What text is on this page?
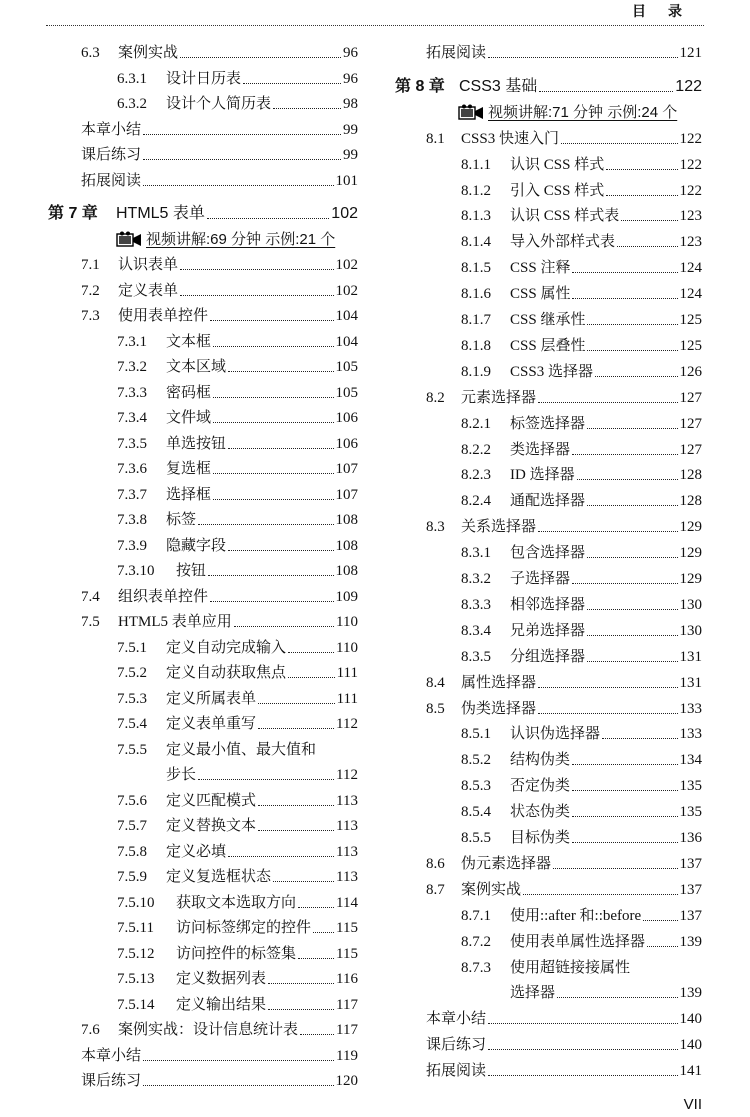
目录
6.3	案例实战	96
6.3.1	设计日历表	96
6.3.2	设计个人简历表	98
本章小结	99
课后练习	99
拓展阅读	101
第 7 章	HTML5 表单	102
视频讲解:69 分钟 示例:21 个
7.1	认识表单	102
7.2	定义表单	102
7.3	使用表单控件	104
7.3.1	文本框	104
7.3.2	文本区域	105
7.3.3	密码框	105
7.3.4	文件域	106
7.3.5	单选按钮	106
7.3.6	复选框	107
7.3.7	选择框	107
7.3.8	标签	108
7.3.9	隐藏字段	108
7.3.10	按钮	108
7.4	组织表单控件	109
7.5	HTML5 表单应用	110
7.5.1	定义自动完成输入	110
7.5.2	定义自动获取焦点	111
7.5.3	定义所属表单	111
7.5.4	定义表单重写	112
7.5.5	定义最小值、最大值和
步长	112
7.5.6	定义匹配模式	113
7.5.7	定义替换文本	113
7.5.8	定义必填	113
7.5.9	定义复选框状态	113
7.5.10	获取文本选取方向	114
7.5.11	访问标签绑定的控件 115
7.5.12	访问控件的标签集	115
7.5.13	定义数据列表	116
7.5.14	定义输出结果	117
7.6	案例实战：设计信息统计表	117
本章小结	119
课后练习	120
拓展阅读	121
第 8 章 CSS3 基础	122
视频讲解:71 分钟 示例:24 个
8.1	CSS3 快速入门	122
8.1.1	认识 CSS 样式	122
8.1.2	引入 CSS 样式	122
8.1.3	认识 CSS 样式表	123
8.1.4	导入外部样式表	123
8.1.5	CSS 注释	124
8.1.6	CSS 属性	124
8.1.7	CSS 继承性	125
8.1.8	CSS 层叠性	125
8.1.9	CSS3 选择器	126
8.2	元素选择器	127
8.2.1	标签选择器	127
8.2.2	类选择器	127
8.2.3	ID 选择器	128
8.2.4	通配选择器	128
8.3	关系选择器	129
8.3.1	包含选择器	129
8.3.2	子选择器	129
8.3.3	相邻选择器	130
8.3.4	兄弟选择器	130
8.3.5	分组选择器	131
8.4	属性选择器	131
8.5	伪类选择器	133
8.5.1	认识伪选择器	133
8.5.2	结构伪类	134
8.5.3	否定伪类	135
8.5.4	状态伪类	135
8.5.5	目标伪类	136
8.6	伪元素选择器	137
8.7	案例实战	137
8.7.1	使用::after 和::before	137
8.7.2	使用表单属性选择器 139
8.7.3	使用超链接接属性
选择器	139
本章小结	140
课后练习	140
拓展阅读	141
VII
